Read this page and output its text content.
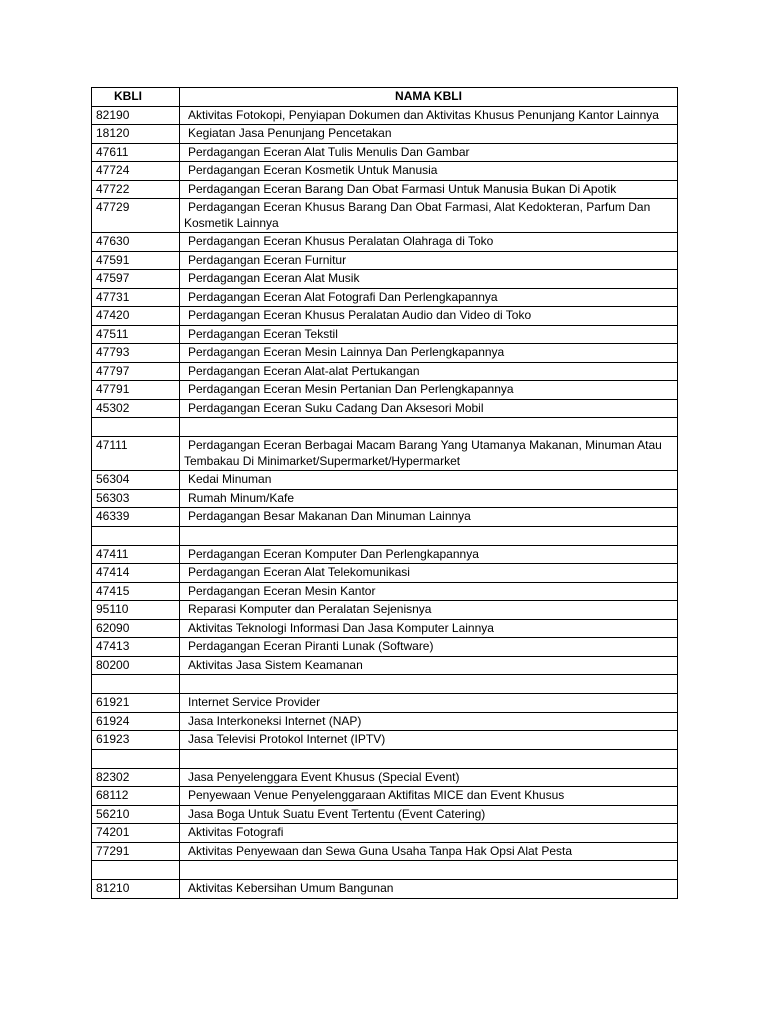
KBLI	NAMA KBLI
82190	Aktivitas Fotokopi, Penyiapan Dokumen dan Aktivitas Khusus Penunjang Kantor Lainnya
18120	Kegiatan Jasa Penunjang Pencetakan
47611	Perdagangan Eceran Alat Tulis Menulis Dan Gambar
47724	Perdagangan Eceran Kosmetik Untuk Manusia
47722	Perdagangan Eceran Barang Dan Obat Farmasi Untuk Manusia Bukan Di Apotik
47729	Perdagangan Eceran Khusus Barang Dan Obat Farmasi, Alat Kedokteran, Parfum Dan Kosmetik Lainnya
47630	Perdagangan Eceran Khusus Peralatan Olahraga di Toko
47591	Perdagangan Eceran Furnitur
47597	Perdagangan Eceran Alat Musik
47731	Perdagangan Eceran Alat Fotografi Dan Perlengkapannya
47420	Perdagangan Eceran Khusus Peralatan Audio dan Video di Toko
47511	Perdagangan Eceran Tekstil
47793	Perdagangan Eceran Mesin Lainnya Dan Perlengkapannya
47797	Perdagangan Eceran Alat-alat Pertukangan
47791	Perdagangan Eceran Mesin Pertanian Dan Perlengkapannya
45302	Perdagangan Eceran Suku Cadang Dan Aksesori Mobil

47111	Perdagangan Eceran Berbagai Macam Barang Yang Utamanya Makanan, Minuman Atau Tembakau Di Minimarket/Supermarket/Hypermarket
56304	Kedai Minuman
56303	Rumah Minum/Kafe
46339	Perdagangan Besar Makanan Dan Minuman Lainnya

47411	Perdagangan Eceran Komputer Dan Perlengkapannya
47414	Perdagangan Eceran Alat Telekomunikasi
47415	Perdagangan Eceran Mesin Kantor
95110	Reparasi Komputer dan Peralatan Sejenisnya
62090	Aktivitas Teknologi Informasi Dan Jasa Komputer Lainnya
47413	Perdagangan Eceran Piranti Lunak (Software)
80200	Aktivitas Jasa Sistem Keamanan

61921	Internet Service Provider
61924	Jasa Interkoneksi Internet (NAP)
61923	Jasa Televisi Protokol Internet (IPTV)

82302	Jasa Penyelenggara Event Khusus (Special Event)
68112	Penyewaan Venue Penyelenggaraan Aktifitas MICE dan Event Khusus
56210	Jasa Boga Untuk Suatu Event Tertentu (Event Catering)
74201	Aktivitas Fotografi
77291	Aktivitas Penyewaan dan Sewa Guna Usaha Tanpa Hak Opsi Alat Pesta

81210	Aktivitas Kebersihan Umum Bangunan
